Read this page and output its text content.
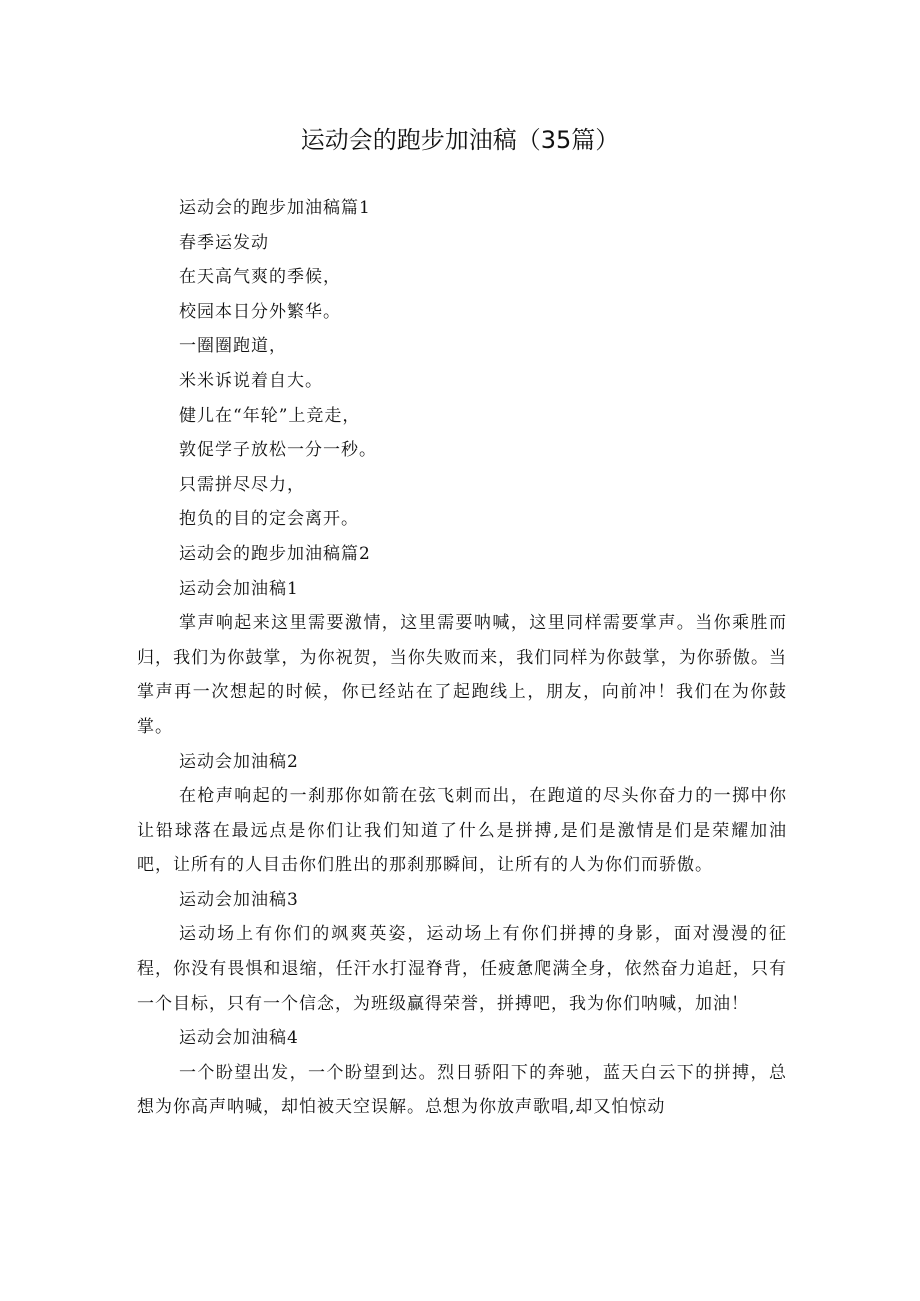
运动会的跑步加油稿（35篇）

运动会的跑步加油稿篇1

春季运发动

在天高气爽的季候，

校园本日分外繁华。

一圈圈跑道，

米米诉说着自大。

健儿在“年轮”上竞走，

敦促学子放松一分一秒。

只需拼尽尽力，

抱负的目的定会离开。

运动会的跑步加油稿篇2

运动会加油稿1

掌声响起来这里需要激情，这里需要呐喊，这里同样需要掌声。当你乘胜而归，我们为你鼓掌，为你祝贺，当你失败而来，我们同样为你鼓掌，为你骄傲。当掌声再一次想起的时候，你已经站在了起跑线上，朋友，向前冲！我们在为你鼓掌。

运动会加油稿2

在枪声响起的一刹那你如箭在弦飞刺而出，在跑道的尽头你奋力的一掷中你让铅球落在最远点是你们让我们知道了什么是拼搏,是们是激情是们是荣耀加油吧，让所有的人目击你们胜出的那刹那瞬间，让所有的人为你们而骄傲。

运动会加油稿3

运动场上有你们的飒爽英姿，运动场上有你们拼搏的身影，面对漫漫的征程，你没有畏惧和退缩，任汗水打湿脊背，任疲惫爬满全身，依然奋力追赶，只有一个目标，只有一个信念，为班级赢得荣誉，拼搏吧，我为你们呐喊，加油！

运动会加油稿4

一个盼望出发，一个盼望到达。烈日骄阳下的奔驰，蓝天白云下的拼搏，总想为你高声呐喊，却怕被天空误解。总想为你放声歌唱,却又怕惊动
